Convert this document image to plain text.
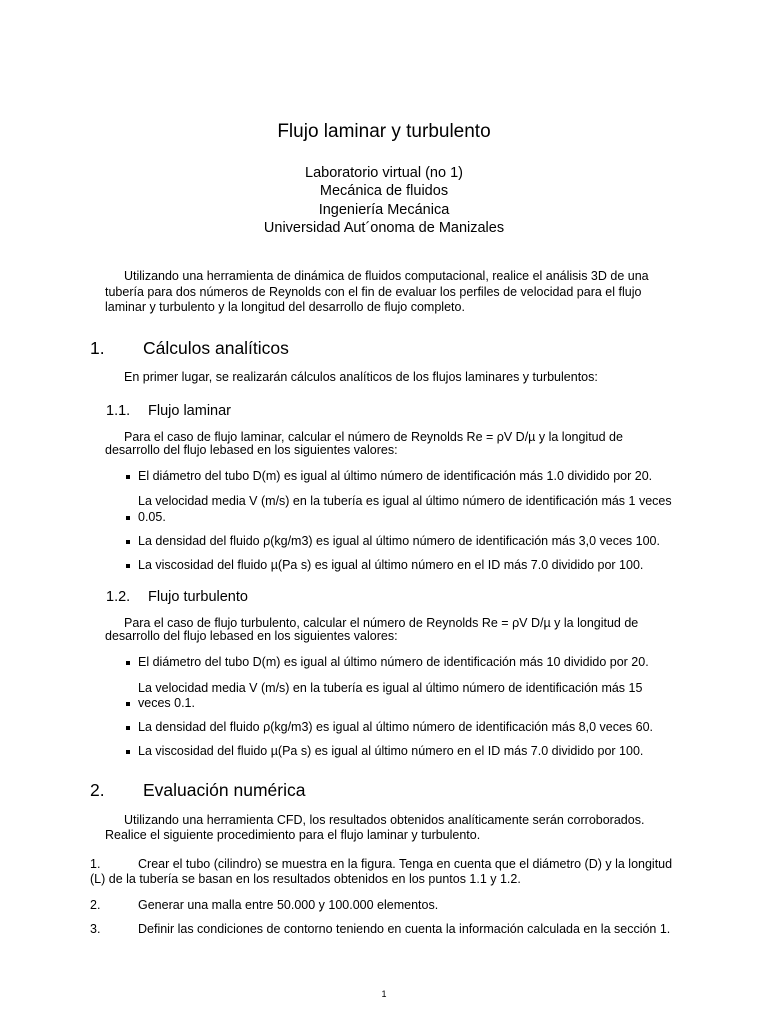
Flujo laminar y turbulento
Laboratorio virtual (no 1)
Mecánica de fluidos
Ingeniería Mecánica
Universidad Aut´onoma de Manizales
Utilizando una herramienta de dinámica de fluidos computacional, realice el análisis 3D de una
tubería para dos números de Reynolds con el fin de evaluar los perfiles de velocidad para el flujo
laminar y turbulento y la longitud del desarrollo de flujo completo.
1. Cálculos analíticos
En primer lugar, se realizarán cálculos analíticos de los flujos laminares y turbulentos:
1.1. Flujo laminar
Para el caso de flujo laminar, calcular el número de Reynolds Re = ρV D/µ y la longitud de
desarrollo del flujo lebased en los siguientes valores:
El diámetro del tubo D(m) es igual al último número de identificación más 1.0 dividido por 20.
La velocidad media V (m/s) en la tubería es igual al último número de identificación más 1 veces
0.05.
La densidad del fluido ρ(kg/m3) es igual al último número de identificación más 3,0 veces 100.
La viscosidad del fluido µ(Pa s) es igual al último número en el ID más 7.0 dividido por 100.
1.2. Flujo turbulento
Para el caso de flujo turbulento, calcular el número de Reynolds Re = ρV D/µ y la longitud de
desarrollo del flujo lebased en los siguientes valores:
El diámetro del tubo D(m) es igual al último número de identificación más 10 dividido por 20.
La velocidad media V (m/s) en la tubería es igual al último número de identificación más 15
veces 0.1.
La densidad del fluido ρ(kg/m3) es igual al último número de identificación más 8,0 veces 60.
La viscosidad del fluido µ(Pa s) es igual al último número en el ID más 7.0 dividido por 100.
2. Evaluación numérica
Utilizando una herramienta CFD, los resultados obtenidos analíticamente serán corroborados.
Realice el siguiente procedimiento para el flujo laminar y turbulento.
1.	Crear el tubo (cilindro) se muestra en la figura. Tenga en cuenta que el diámetro (D) y la longitud
(L) de la tubería se basan en los resultados obtenidos en los puntos 1.1 y 1.2.
2.	Generar una malla entre 50.000 y 100.000 elementos.
3.	Definir las condiciones de contorno teniendo en cuenta la información calculada en la sección 1.
1
